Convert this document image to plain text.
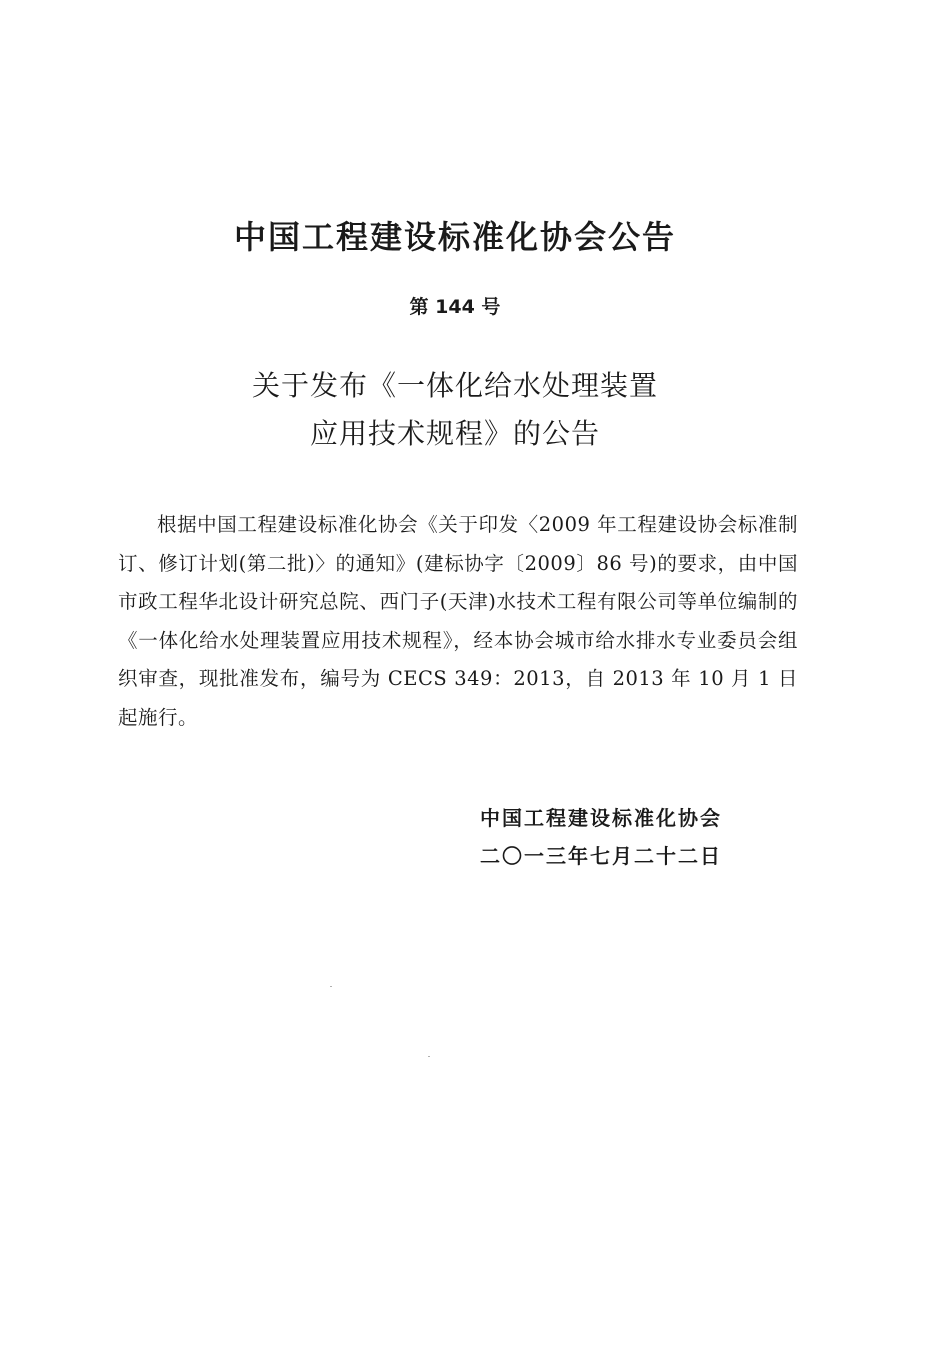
中国工程建设标准化协会公告
第 144 号
关于发布《一体化给水处理装置
应用技术规程》的公告

根据中国工程建设标准化协会《关于印发〈2009 年工程建设协会标准制订、修订计划(第二批)〉的通知》(建标协字〔2009〕86 号)的要求，由中国市政工程华北设计研究总院、西门子(天津)水技术工程有限公司等单位编制的《一体化给水处理装置应用技术规程》，经本协会城市给水排水专业委员会组织审查，现批准发布，编号为 CECS 349：2013，自 2013 年 10 月 1 日起施行。

中国工程建设标准化协会
二〇一三年七月二十二日
